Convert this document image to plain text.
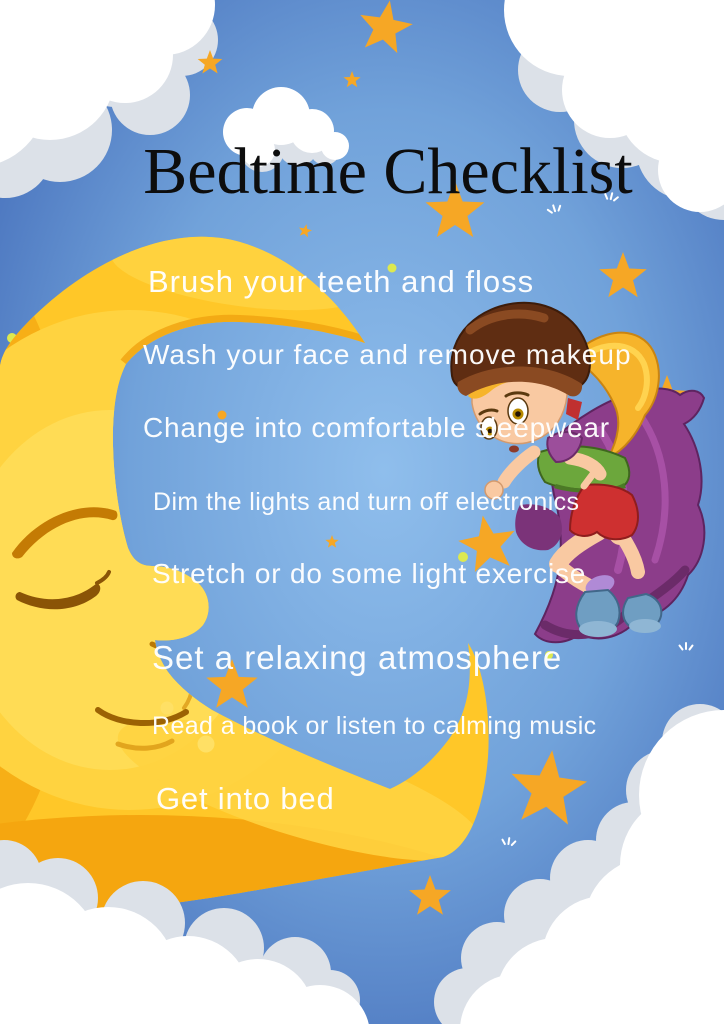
Bedtime Checklist
Brush your teeth and floss
Wash your face and remove makeup
Change into comfortable sleepwear
Dim the lights and turn off electronics
Stretch or do some light exercise
Set a relaxing atmosphere
Read a book or listen to calming music
Get into bed
